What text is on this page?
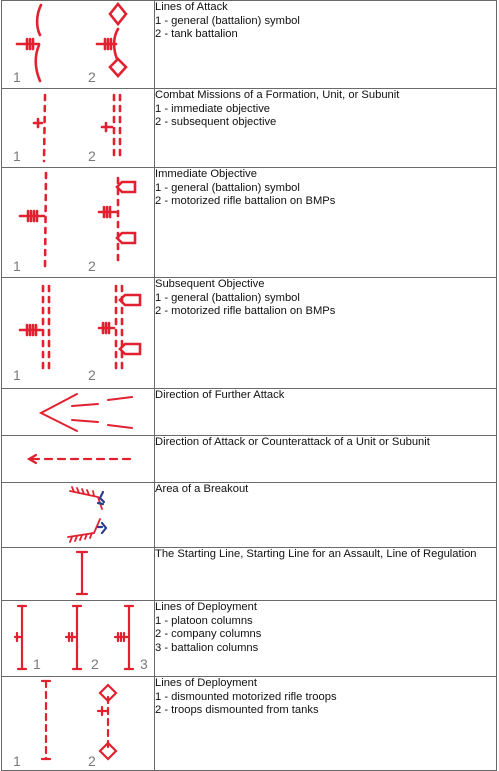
1 2	Lines of Attack
1 - general (battalion) symbol
2 - tank battalion

1 2	Combat Missions of a Formation, Unit, or Subunit
1 - immediate objective
2 - subsequent objective

1 2	Immediate Objective
1 - general (battalion) symbol
2 - motorized rifle battalion on BMPs

1 2	Subsequent Objective
1 - general (battalion) symbol
2 - motorized rifle battalion on BMPs

Direction of Further Attack

Direction of Attack or Counterattack of a Unit or Subunit

Area of a Breakout

The Starting Line, Starting Line for an Assault, Line of Regulation

1 2 3	Lines of Deployment
1 - platoon columns
2 - company columns
3 - battalion columns

1 2	Lines of Deployment
1 - dismounted motorized rifle troops
2 - troops dismounted from tanks
